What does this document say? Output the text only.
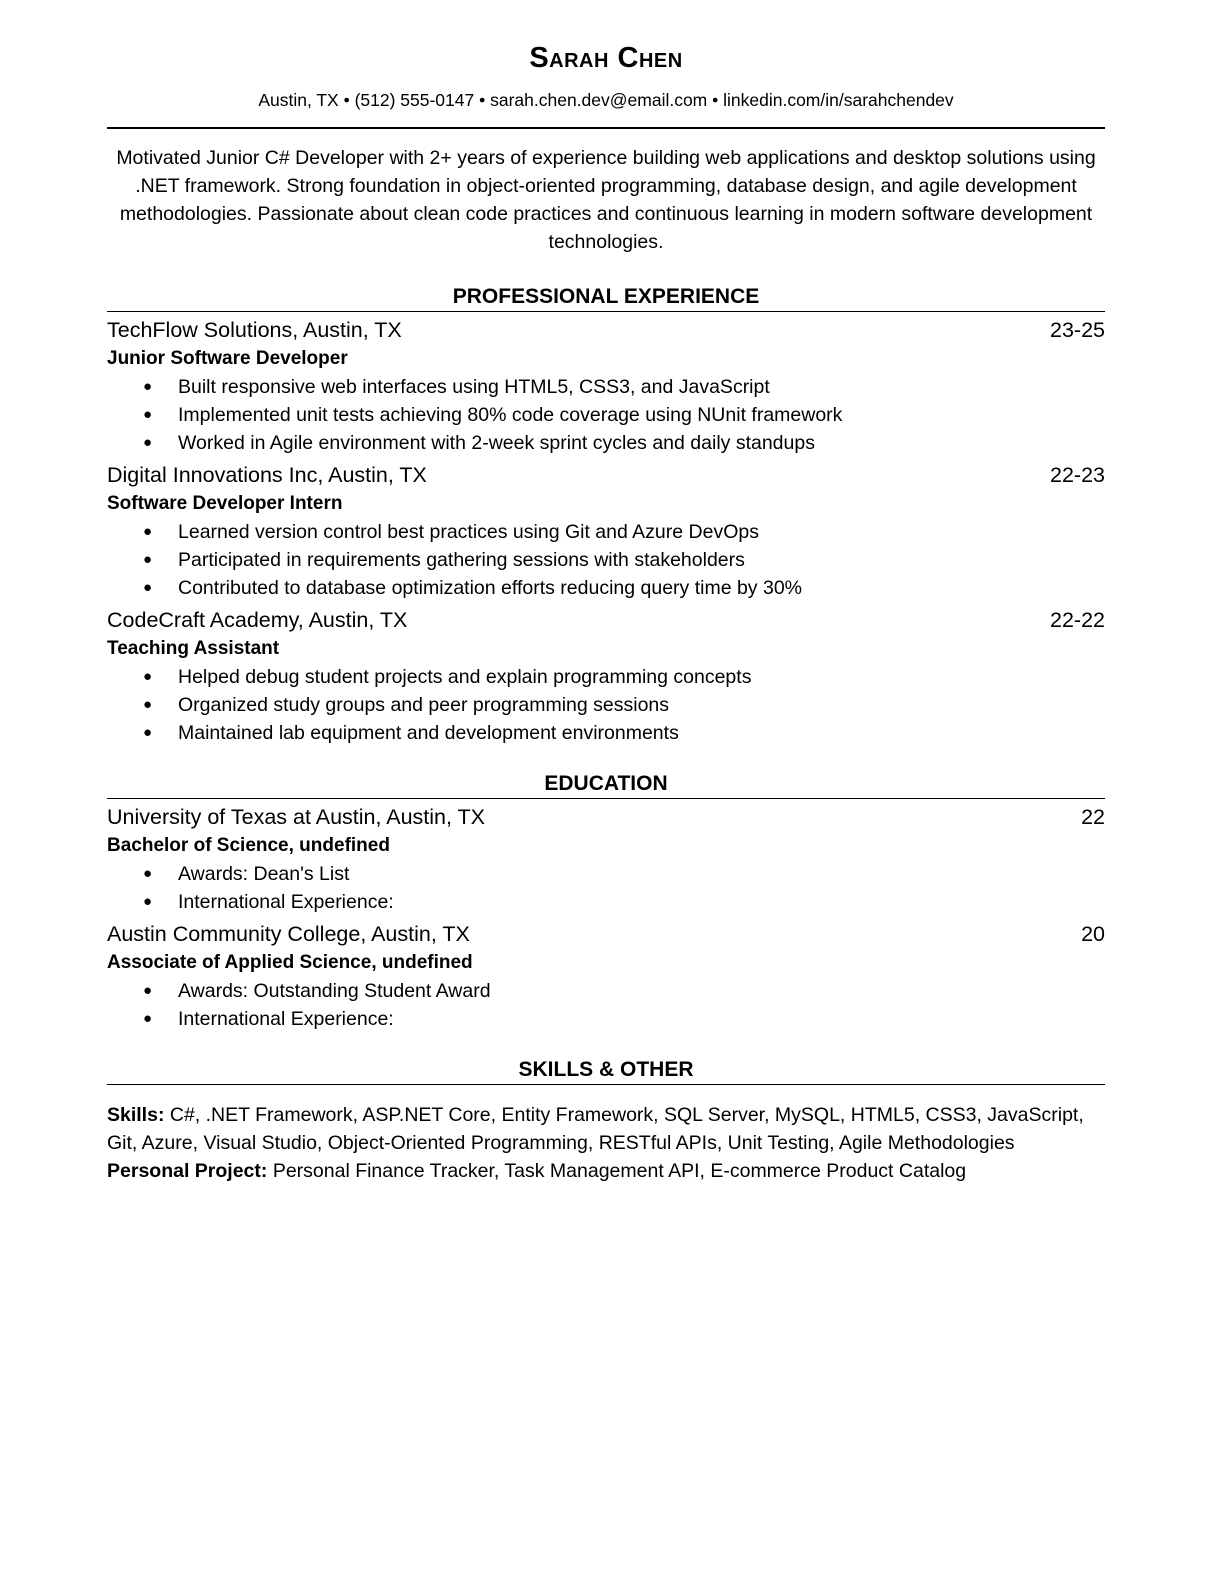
Sarah Chen
Austin, TX • (512) 555-0147 • sarah.chen.dev@email.com • linkedin.com/in/sarahchendev
Motivated Junior C# Developer with 2+ years of experience building web applications and desktop solutions using .NET framework. Strong foundation in object-oriented programming, database design, and agile development methodologies. Passionate about clean code practices and continuous learning in modern software development technologies.
PROFESSIONAL EXPERIENCE
TechFlow Solutions, Austin, TX	23-25
Junior Software Developer
● Built responsive web interfaces using HTML5, CSS3, and JavaScript
● Implemented unit tests achieving 80% code coverage using NUnit framework
● Worked in Agile environment with 2-week sprint cycles and daily standups
Digital Innovations Inc, Austin, TX	22-23
Software Developer Intern
● Learned version control best practices using Git and Azure DevOps
● Participated in requirements gathering sessions with stakeholders
● Contributed to database optimization efforts reducing query time by 30%
CodeCraft Academy, Austin, TX	22-22
Teaching Assistant
● Helped debug student projects and explain programming concepts
● Organized study groups and peer programming sessions
● Maintained lab equipment and development environments
EDUCATION
University of Texas at Austin, Austin, TX	22
Bachelor of Science, undefined
● Awards: Dean's List
● International Experience:
Austin Community College, Austin, TX	20
Associate of Applied Science, undefined
● Awards: Outstanding Student Award
● International Experience:
SKILLS & OTHER
Skills: C#, .NET Framework, ASP.NET Core, Entity Framework, SQL Server, MySQL, HTML5, CSS3, JavaScript, Git, Azure, Visual Studio, Object-Oriented Programming, RESTful APIs, Unit Testing, Agile Methodologies
Personal Project: Personal Finance Tracker, Task Management API, E-commerce Product Catalog
